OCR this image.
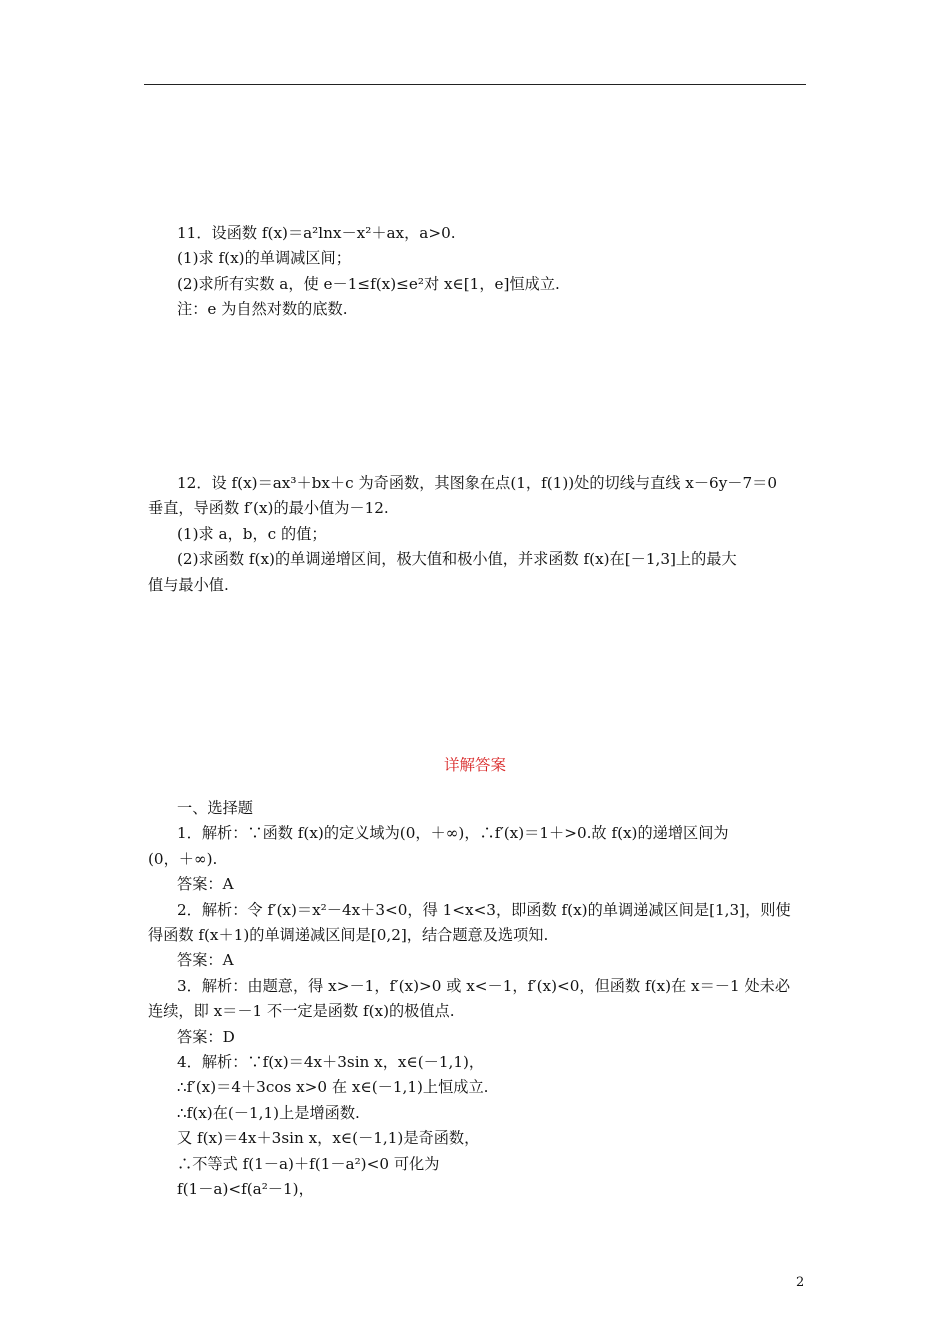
11．设函数 f(x)＝a²lnx－x²＋ax，a>0.
(1)求 f(x)的单调减区间；
(2)求所有实数 a，使 e－1≤f(x)≤e²对 x∈[1，e]恒成立.
注：e 为自然对数的底数.
12．设 f(x)＝ax³＋bx＋c 为奇函数，其图象在点(1，f(1))处的切线与直线 x－6y－7＝0
垂直，导函数 f′(x)的最小值为－12.
(1)求 a，b，c 的值；
(2)求函数 f(x)的单调递增区间，极大值和极小值，并求函数 f(x)在[－1,3]上的最大
值与最小值.
详解答案
一、选择题
1．解析：∵函数 f(x)的定义域为(0，＋∞)，∴f′(x)＝1＋>0.故 f(x)的递增区间为
(0，＋∞).
答案：A
2．解析：令 f′(x)＝x²－4x＋3<0，得 1<x<3，即函数 f(x)的单调递减区间是[1,3]，则使
得函数 f(x＋1)的单调递减区间是[0,2]，结合题意及选项知.
答案：A
3．解析：由题意，得 x>－1，f′(x)>0 或 x<－1，f′(x)<0，但函数 f(x)在 x＝－1 处未必
连续，即 x＝－1 不一定是函数 f(x)的极值点.
答案：D
4．解析：∵f(x)＝4x＋3sin x，x∈(－1,1)，
∴f′(x)＝4＋3cos x>0 在 x∈(－1,1)上恒成立.
∴f(x)在(－1,1)上是增函数.
又 f(x)＝4x＋3sin x，x∈(－1,1)是奇函数，
∴不等式 f(1－a)＋f(1－a²)<0 可化为
f(1－a)<f(a²－1)，
2
